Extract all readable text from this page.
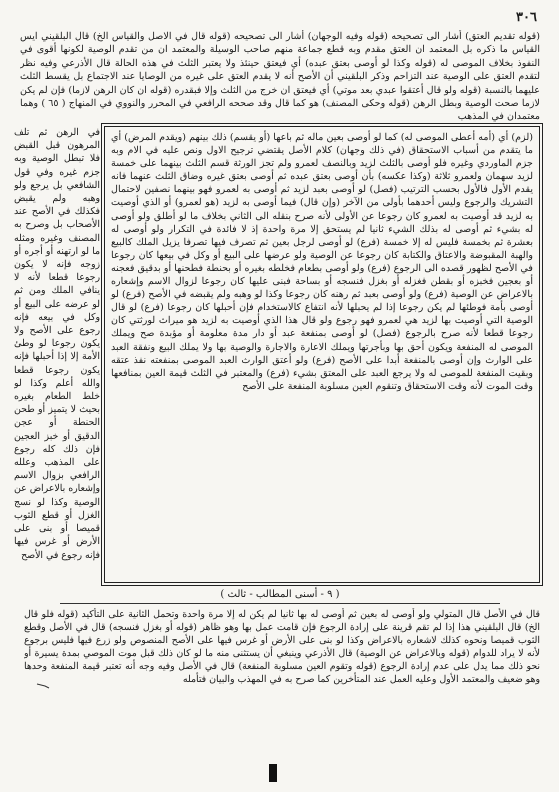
٣٠٦

(قوله تقديم العتق) أشار الى تصحيحه (قوله وفيه الوجهان) أشار الى تصحيحه (قوله قال في الاصل والقياس الخ) قال البلقيني ايس القياس ما ذكره بل المعتمد ان العتق مقدم وبه قطع جماعة منهم صاحب الوسيلة والمعتمد ان من تقدم الوصية لكونها أقوى في النفوذ بخلاف الموصى له (قوله وكذا لو أوصى بعتق عبده) أي فيعتق حينئذ ولا يعتبر الثلث في هذه الحالة قال الأذرعي وفيه نظر لتقدم العتق على الوصية عند التزاحم وذكر البلقيني أن الأصح أنه لا يقدم العتق على غيره من الوصايا عند الاجتماع بل يقسط الثلث عليهما بالنسبة (قوله ولو قال أعتقوا عبدي بعد موتي) أي فيعتق ان خرج من الثلث وإلا فبقدره (قوله ان كان الرهن لازما) فإن لم يكن لازما صحت الوصية وبطل الرهن (قوله وحكى المصنف) هو كما قال وقد صححه الرافعي في المحرر والنووي في المنهاج ( ٦٥ ) وهما معتمدان في المذهب

(لزم) أي (أمه أعطى الموصى له) كما لو أوصى بعين ماله ثم باعها (أو يقسم) ذلك بينهم (ويقدم المرض) أي ما يتقدم من أسباب الاستحقاق (في ذلك وجهان) كلام الأصل يقتضي ترجيح الاول ونص عليه في الام وبه جزم الماوردي وغيره فلو أوصى بالثلث لزيد وبالنصف لعمرو ولم تجز الورثة قسم الثلث بينهما على خمسة لزيد سهمان ولعمرو ثلاثة (وكذا عكسه) بأن أوصى بعتق عبده ثم أوصى بعتق غيره وضاق الثلث عنهما فانه يقدم الأول فالأول بحسب الترتيب (فصل) لو أوصى بعبد لزيد ثم أوصى به لعمرو فهو بينهما نصفين لاحتمال التشريك والرجوع وليس أحدهما بأولى من الآخر (وإن قال) فيما أوصى به لزيد (هو لعمرو) أو الذي أوصيت به لزيد قد أوصيت به لعمرو كان رجوعا عن الأولى لأنه صرح بنقله الى الثاني بخلاف ما لو أطلق ولو أوصى له بشيء ثم أوصى له بذلك الشيء ثانيا لم يستحق إلا مرة واحدة إذ لا فائدة في التكرار ولو أوصى له بعشرة ثم بخمسة فليس له إلا خمسة (فرع) لو أوصى لرجل بعين ثم تصرف فيها تصرفا يزيل الملك كالبيع والهبة المقبوضة والاعتاق والكتابة كان رجوعا عن الوصية ولو عرضها على البيع أو وكل في بيعها كان رجوعا في الأصح لظهور قصده الى الرجوع (فرع) ولو أوصى بطعام فخلطه بغيره أو بحنطة فطحنها أو بدقيق فعجنه أو بعجين فخبزه أو بقطن فغزله أو بغزل فنسجه أو بساحة فبنى عليها كان رجوعا لزوال الاسم وإشعاره بالاعراض عن الوصية (فرع) ولو أوصى بعبد ثم رهنه كان رجوعا وكذا لو وهبه ولم يقبضه في الأصح (فرع) لو أوصى بأمة فوطئها لم يكن رجوعا إذا لم يحبلها لأنه انتفاع كالاستخدام فإن أحبلها كان رجوعا (فرع) لو قال الوصية التي أوصيت بها لزيد هي لعمرو فهو رجوع ولو قال هذا الذي أوصيت به لزيد هو ميراث لورثتي كان رجوعا قطعا لأنه صرح بالرجوع (فصل) لو أوصى بمنفعة عبد أو دار مدة معلومة أو مؤبدة صح ويملك الموصى له المنفعة ويكون أحق بها وبأجرتها ويملك الاعارة والاجارة والوصية بها ولا يملك البيع ونفقة العبد على الوارث وإن أوصى بالمنفعة أبدا على الأصح (فرع) ولو أعتق الوارث العبد الموصى بمنفعته نفذ عتقه وبقيت المنفعة للموصى له ولا يرجع العبد على المعتق بشيء (فرع) والمعتبر في الثلث قيمة العين بمنافعها وقت الموت لأنه وقت الاستحقاق وتنقوم العين مسلوبة المنفعة على الأصح

في الرهن ثم تلف المرهون قبل القبض فلا تبطل الوصية وبه جزم غيره وفي قول الشافعي بل يرجع ولو وهبه ولم يقبض فكذلك في الأصح عند الأصحاب بل وصرح به المصنف وغيره ومثله ما لو ارتهنه أو أجره أو زوجه فإنه لا يكون رجوعا قطعا لأنه لا ينافي الملك ومن ثم لو عرضه على البيع أو وكل في بيعه فإنه رجوع على الأصح ولا يكون رجوعا لو وطئ الأمة إلا إذا أحبلها فإنه يكون رجوعا قطعا والله أعلم وكذا لو خلط الطعام بغيره بحيث لا يتميز أو طحن الحنطة أو عجن الدقيق أو خبز العجين فإن ذلك كله رجوع على المذهب وعلله الرافعي بزوال الاسم وإشعاره بالاعراض عن الوصية وكذا لو نسج الغزل أو قطع الثوب قميصا أو بنى على الأرض أو غرس فيها فإنه رجوع في الأصح

( ٩ - أسنى المطالب - ثالث )

قال في الأصل قال المتولي ولو أوصى له بعين ثم أوصى له بها ثانيا لم يكن له إلا مرة واحدة وتحمل الثانية على التأكيد (قوله فلو قال الخ) قال البلقيني هذا إذا لم تقم قرينة على إرادة الرجوع فإن قامت عمل بها وهو ظاهر (قوله أو بغزل فنسجه) قال في الأصل وقطع الثوب قميصا ونحوه كذلك لاشعاره بالاعراض وكذا لو بنى على الأرض أو غرس فيها على الأصح المنصوص ولو زرع فيها فليس برجوع لأنه لا يراد للدوام (قوله وبالاعراض عن الوصية) قال الأذرعي وينبغي أن يستثنى منه ما لو كان ذلك قبل موت الموصي بمدة يسيرة أو نحو ذلك مما يدل على عدم إرادة الرجوع (قوله وتقوم العين مسلوبة المنفعة) قال في الأصل وفيه وجه أنه تعتبر قيمة المنفعة وحدها وهو ضعيف والمعتمد الأول وعليه العمل عند المتأخرين كما صرح به في المهذب والبيان فتأمله
